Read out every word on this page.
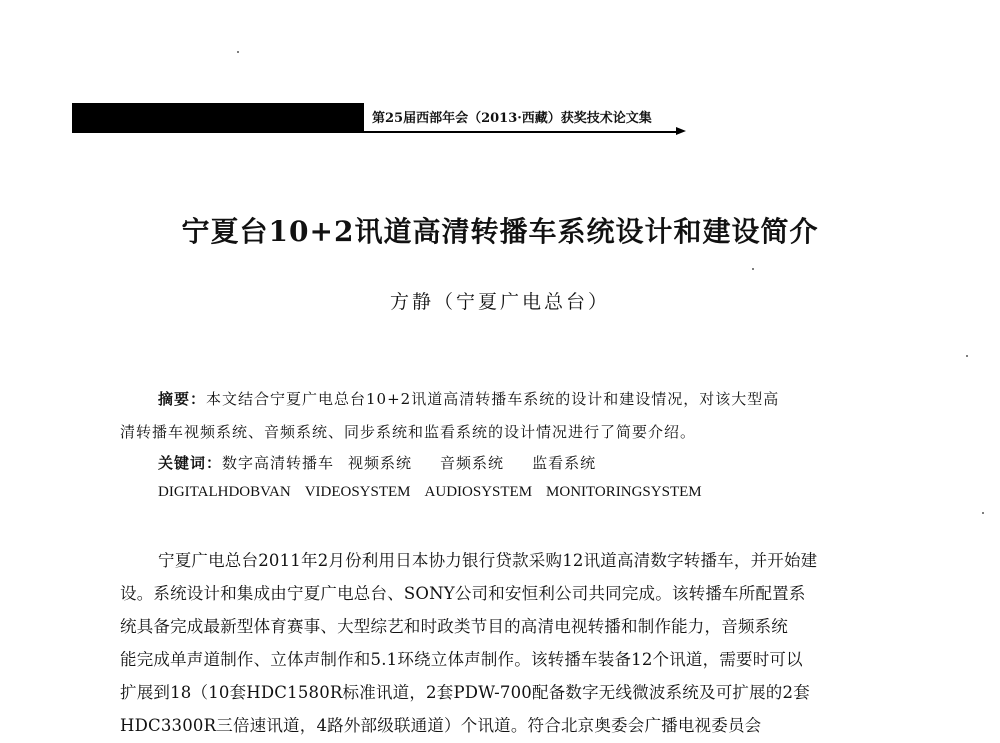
第25届西部年会（2013·西藏）获奖技术论文集
宁夏台10+2讯道高清转播车系统设计和建设简介
方静（宁夏广电总台）
摘要：本文结合宁夏广电总台10+2讯道高清转播车系统的设计和建设情况，对该大型高
清转播车视频系统、音频系统、同步系统和监看系统的设计情况进行了简要介绍。
关键词：数字高清转播车 视频系统 音频系统 监看系统
DIGITALHDOBVAN VIDEOSYSTEM AUDIOSYSTEM MONITORINGSYSTEM
宁夏广电总台2011年2月份利用日本协力银行贷款采购12讯道高清数字转播车，并开始建
设。系统设计和集成由宁夏广电总台、SONY公司和安恒利公司共同完成。该转播车所配置系
统具备完成最新型体育赛事、大型综艺和时政类节目的高清电视转播和制作能力，音频系统
能完成单声道制作、立体声制作和5.1环绕立体声制作。该转播车装备12个讯道，需要时可以
扩展到18（10套HDC1580R标准讯道，2套PDW-700配备数字无线微波系统及可扩展的2套
HDC3300R三倍速讯道，4路外部级联通道）个讯道。符合北京奥委会广播电视委员会
